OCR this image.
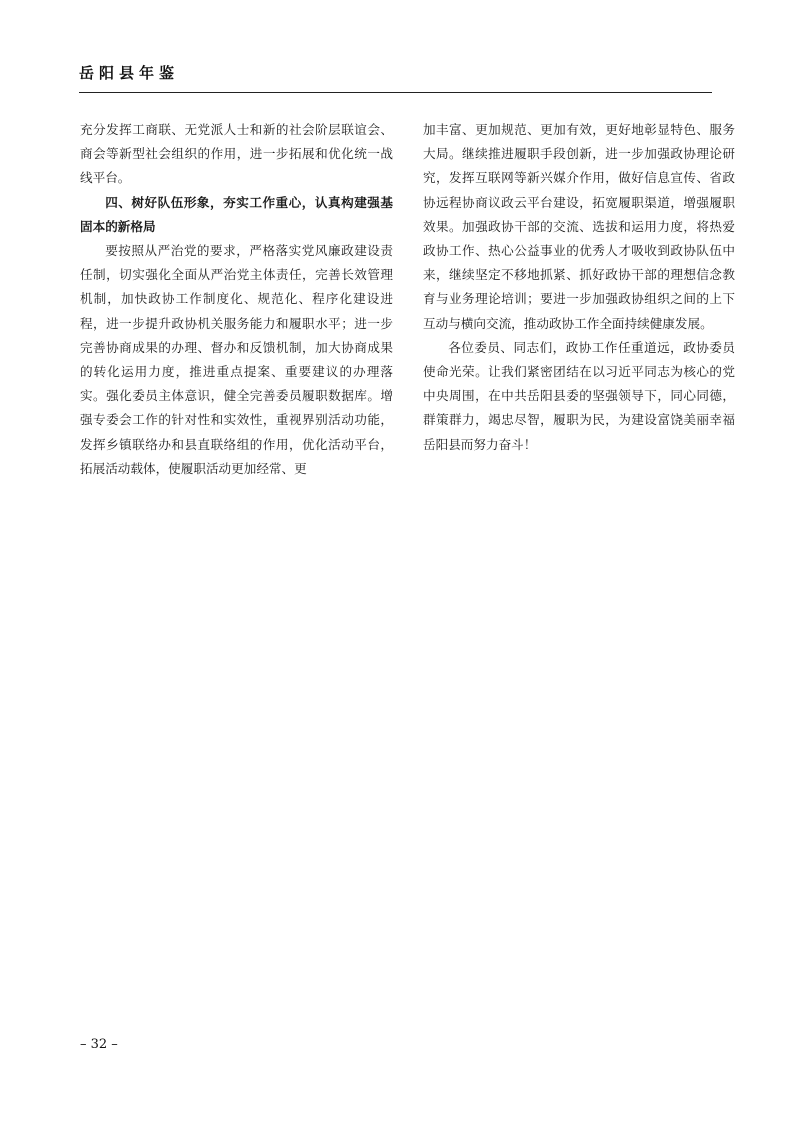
岳阳县年鉴

充分发挥工商联、无党派人士和新的社会阶层联谊会、商会等新型社会组织的作用，进一步拓展和优化统一战线平台。

四、树好队伍形象，夯实工作重心，认真构建强基固本的新格局

要按照从严治党的要求，严格落实党风廉政建设责任制，切实强化全面从严治党主体责任，完善长效管理机制，加快政协工作制度化、规范化、程序化建设进程，进一步提升政协机关服务能力和履职水平；进一步完善协商成果的办理、督办和反馈机制，加大协商成果的转化运用力度，推进重点提案、重要建议的办理落实。强化委员主体意识，健全完善委员履职数据库。增强专委会工作的针对性和实效性，重视界别活动功能，发挥乡镇联络办和县直联络组的作用，优化活动平台，拓展活动载体，使履职活动更加经常、更

加丰富、更加规范、更加有效，更好地彰显特色、服务大局。继续推进履职手段创新，进一步加强政协理论研究，发挥互联网等新兴媒介作用，做好信息宣传、省政协远程协商议政云平台建设，拓宽履职渠道，增强履职效果。加强政协干部的交流、选拔和运用力度，将热爱政协工作、热心公益事业的优秀人才吸收到政协队伍中来，继续坚定不移地抓紧、抓好政协干部的理想信念教育与业务理论培训；要进一步加强政协组织之间的上下互动与横向交流，推动政协工作全面持续健康发展。

各位委员、同志们，政协工作任重道远，政协委员使命光荣。让我们紧密团结在以习近平同志为核心的党中央周围，在中共岳阳县委的坚强领导下，同心同德，群策群力，竭忠尽智，履职为民，为建设富饶美丽幸福岳阳县而努力奋斗！

– 32 –
